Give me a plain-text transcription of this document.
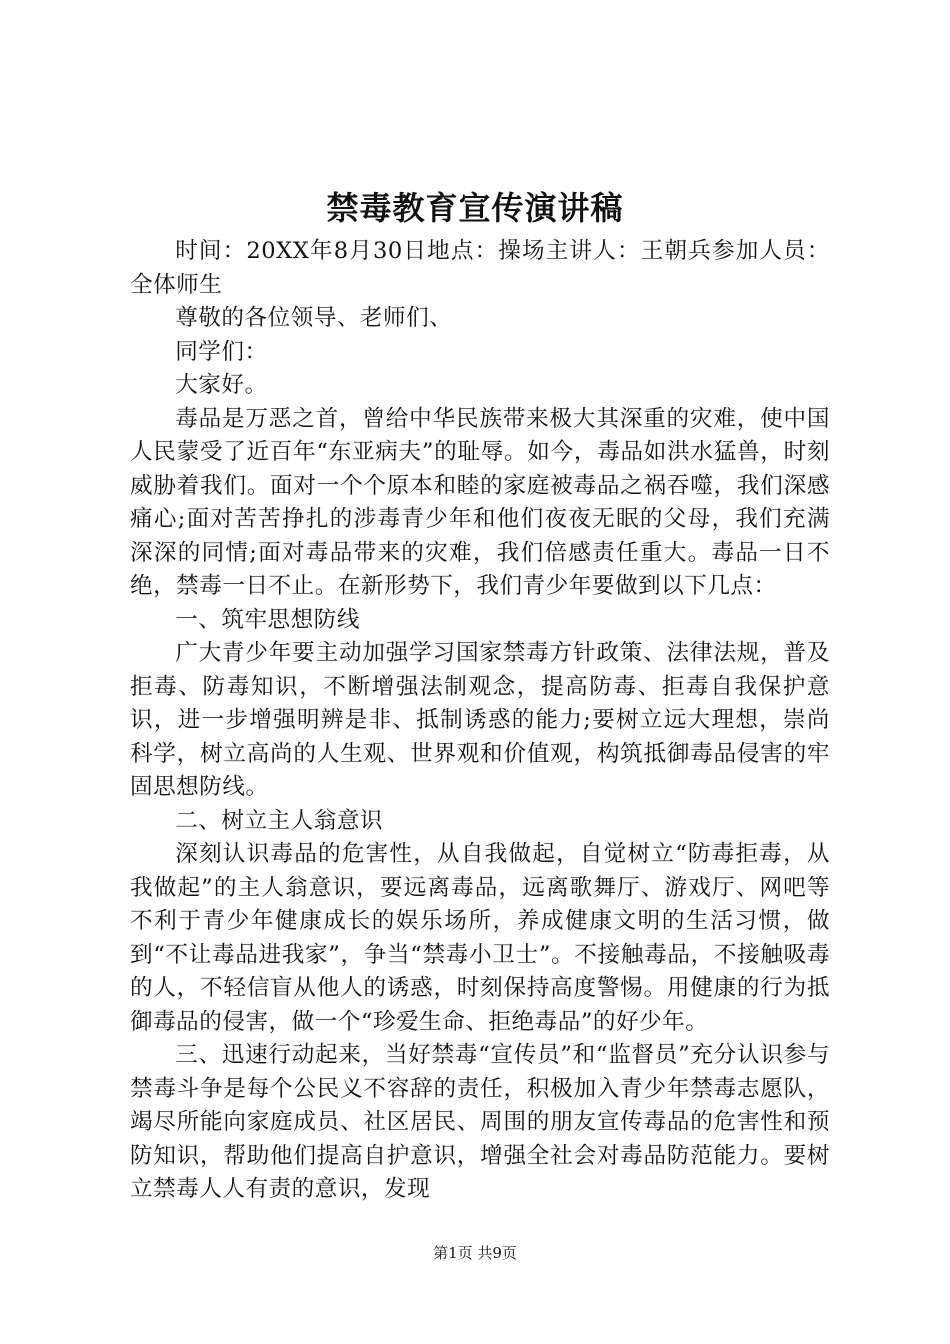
禁毒教育宣传演讲稿

时间：20XX年8月30日地点：操场主讲人：王朝兵参加人员：全体师生

尊敬的各位领导、老师们、

同学们：

大家好。

毒品是万恶之首，曾给中华民族带来极大其深重的灾难，使中国人民蒙受了近百年“东亚病夫”的耻辱。如今，毒品如洪水猛兽，时刻威胁着我们。面对一个个原本和睦的家庭被毒品之祸吞噬，我们深感痛心;面对苦苦挣扎的涉毒青少年和他们夜夜无眠的父母，我们充满深深的同情;面对毒品带来的灾难，我们倍感责任重大。毒品一日不绝，禁毒一日不止。在新形势下，我们青少年要做到以下几点：

一、筑牢思想防线

广大青少年要主动加强学习国家禁毒方针政策、法律法规，普及拒毒、防毒知识，不断增强法制观念，提高防毒、拒毒自我保护意识，进一步增强明辨是非、抵制诱惑的能力;要树立远大理想，崇尚科学，树立高尚的人生观、世界观和价值观，构筑抵御毒品侵害的牢固思想防线。

二、树立主人翁意识

深刻认识毒品的危害性，从自我做起，自觉树立“防毒拒毒，从我做起”的主人翁意识，要远离毒品，远离歌舞厅、游戏厅、网吧等不利于青少年健康成长的娱乐场所，养成健康文明的生活习惯，做到“不让毒品进我家”，争当“禁毒小卫士”。不接触毒品，不接触吸毒的人，不轻信盲从他人的诱惑，时刻保持高度警惕。用健康的行为抵御毒品的侵害，做一个“珍爱生命、拒绝毒品”的好少年。

三、迅速行动起来，当好禁毒“宣传员”和“监督员”充分认识参与禁毒斗争是每个公民义不容辞的责任，积极加入青少年禁毒志愿队，竭尽所能向家庭成员、社区居民、周围的朋友宣传毒品的危害性和预防知识，帮助他们提高自护意识，增强全社会对毒品防范能力。要树立禁毒人人有责的意识，发现

第1页 共9页
